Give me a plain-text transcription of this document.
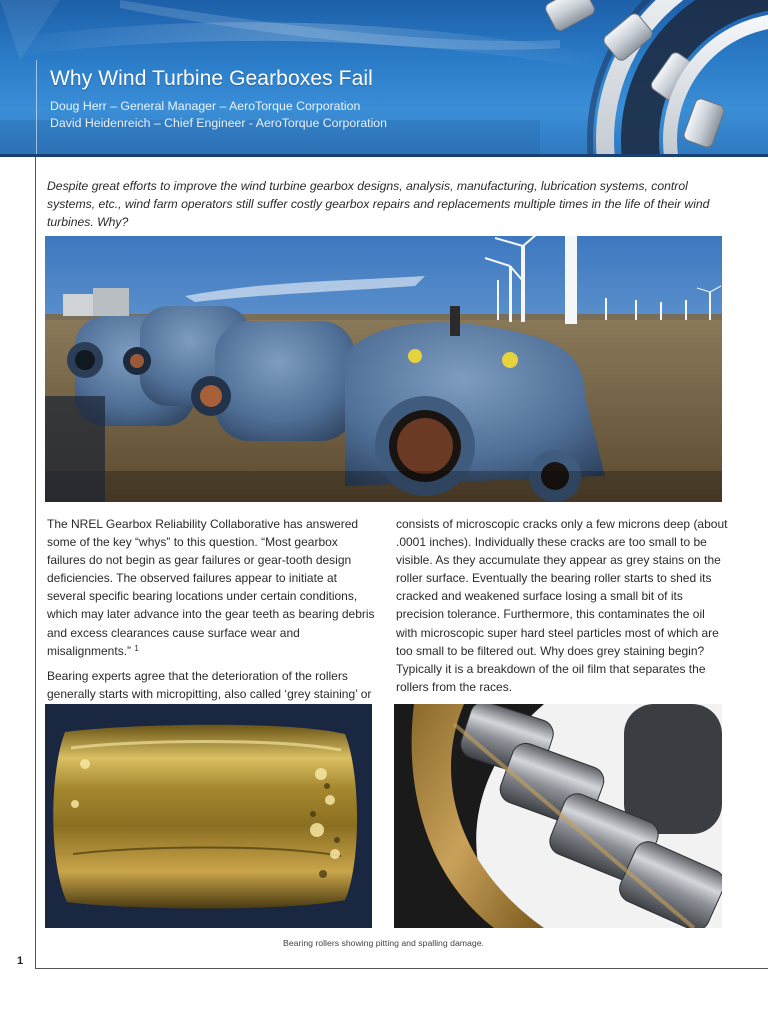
Why Wind Turbine Gearboxes Fail
Doug Herr – General Manager – AeroTorque Corporation
David Heidenreich – Chief Engineer - AeroTorque Corporation

Despite great efforts to improve the wind turbine gearbox designs, analysis, manufacturing, lubrication systems, control systems, etc., wind farm operators still suffer costly gearbox repairs and replacements multiple times in the life of their wind turbines. Why?

The NREL Gearbox Reliability Collaborative has answered some of the key “whys” to this question. “Most gearbox failures do not begin as gear failures or gear-tooth design deficiencies. The observed failures appear to initiate at several specific bearing locations under certain conditions, which may later advance into the gear teeth as bearing debris and excess clearances cause surface wear and misalignments.” $^1$

Bearing experts agree that the deterioration of the rollers generally starts with micropitting, also called ‘grey staining’ or

consists of microscopic cracks only a few microns deep (about .0001 inches). Individually these cracks are too small to be visible. As they accumulate they appear as grey stains on the roller surface. Eventually the bearing roller starts to shed its cracked and weakened surface losing a small bit of its precision tolerance. Furthermore, this contaminates the oil with microscopic super hard steel particles most of which are too small to be filtered out. Why does grey staining begin? Typically it is a breakdown of the oil film that separates the rollers from the races.

Bearing rollers showing pitting and spalling damage.
1
